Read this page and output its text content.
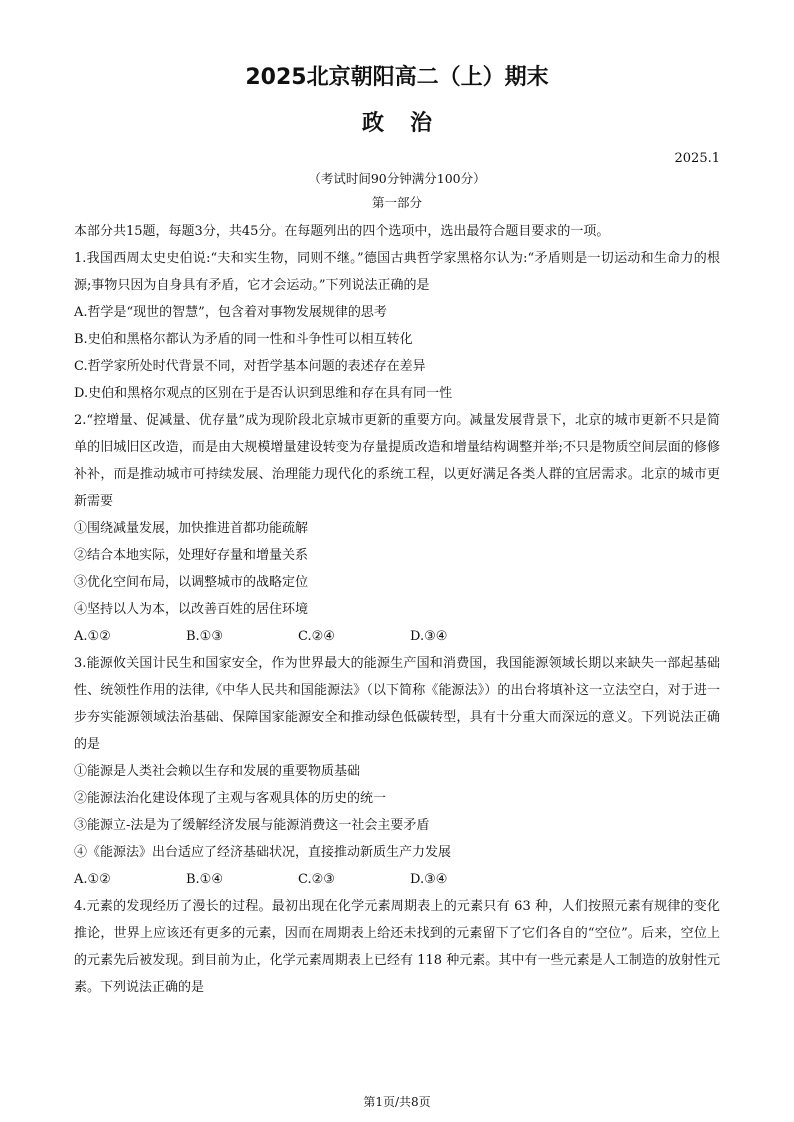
2025北京朝阳高二（上）期末
政治
2025.1
（考试时间90分钟满分100分）
第一部分

本部分共15题，每题3分，共45分。在每题列出的四个选项中，选出最符合题目要求的一项。

1.我国西周太史史伯说:“夫和实生物，同则不继。”德国古典哲学家黑格尔认为:“矛盾则是一切运动和生命力的根源;事物只因为自身具有矛盾，它才会运动。”下列说法正确的是

A.哲学是“现世的智慧”，包含着对事物发展规律的思考

B.史伯和黑格尔都认为矛盾的同一性和斗争性可以相互转化

C.哲学家所处时代背景不同，对哲学基本问题的表述存在差异

D.史伯和黑格尔观点的区别在于是否认识到思维和存在具有同一性

2.“控增量、促减量、优存量”成为现阶段北京城市更新的重要方向。减量发展背景下，北京的城市更新不只是简单的旧城旧区改造，而是由大规模增量建设转变为存量提质改造和增量结构调整并举;不只是物质空间层面的修修补补，而是推动城市可持续发展、治理能力现代化的系统工程，以更好满足各类人群的宜居需求。北京的城市更新需要

①围绕减量发展，加快推进首都功能疏解

②结合本地实际，处理好存量和增量关系

③优化空间布局，以调整城市的战略定位

④坚持以人为本，以改善百姓的居住环境

A.①②	B.①③	C.②④	D.③④

3.能源攸关国计民生和国家安全，作为世界最大的能源生产国和消费国，我国能源领域长期以来缺失一部起基础性、统领性作用的法律,《中华人民共和国能源法》（以下简称《能源法》）的出台将填补这一立法空白，对于进一步夯实能源领域法治基础、保障国家能源安全和推动绿色低碳转型，具有十分重大而深远的意义。下列说法正确的是

①能源是人类社会赖以生存和发展的重要物质基础

②能源法治化建设体现了主观与客观具体的历史的统一

③能源立-法是为了缓解经济发展与能源消费这一社会主要矛盾

④《能源法》出台适应了经济基础状况，直接推动新质生产力发展

A.①②	B.①④	C.②③	D.③④

4.元素的发现经历了漫长的过程。最初出现在化学元素周期表上的元素只有 63 种，人们按照元素有规律的变化推论，世界上应该还有更多的元素，因而在周期表上给还未找到的元素留下了它们各自的“空位”。后来，空位上的元素先后被发现。到目前为止，化学元素周期表上已经有 118 种元素。其中有一些元素是人工制造的放射性元素。下列说法正确的是

第1页/共8页
